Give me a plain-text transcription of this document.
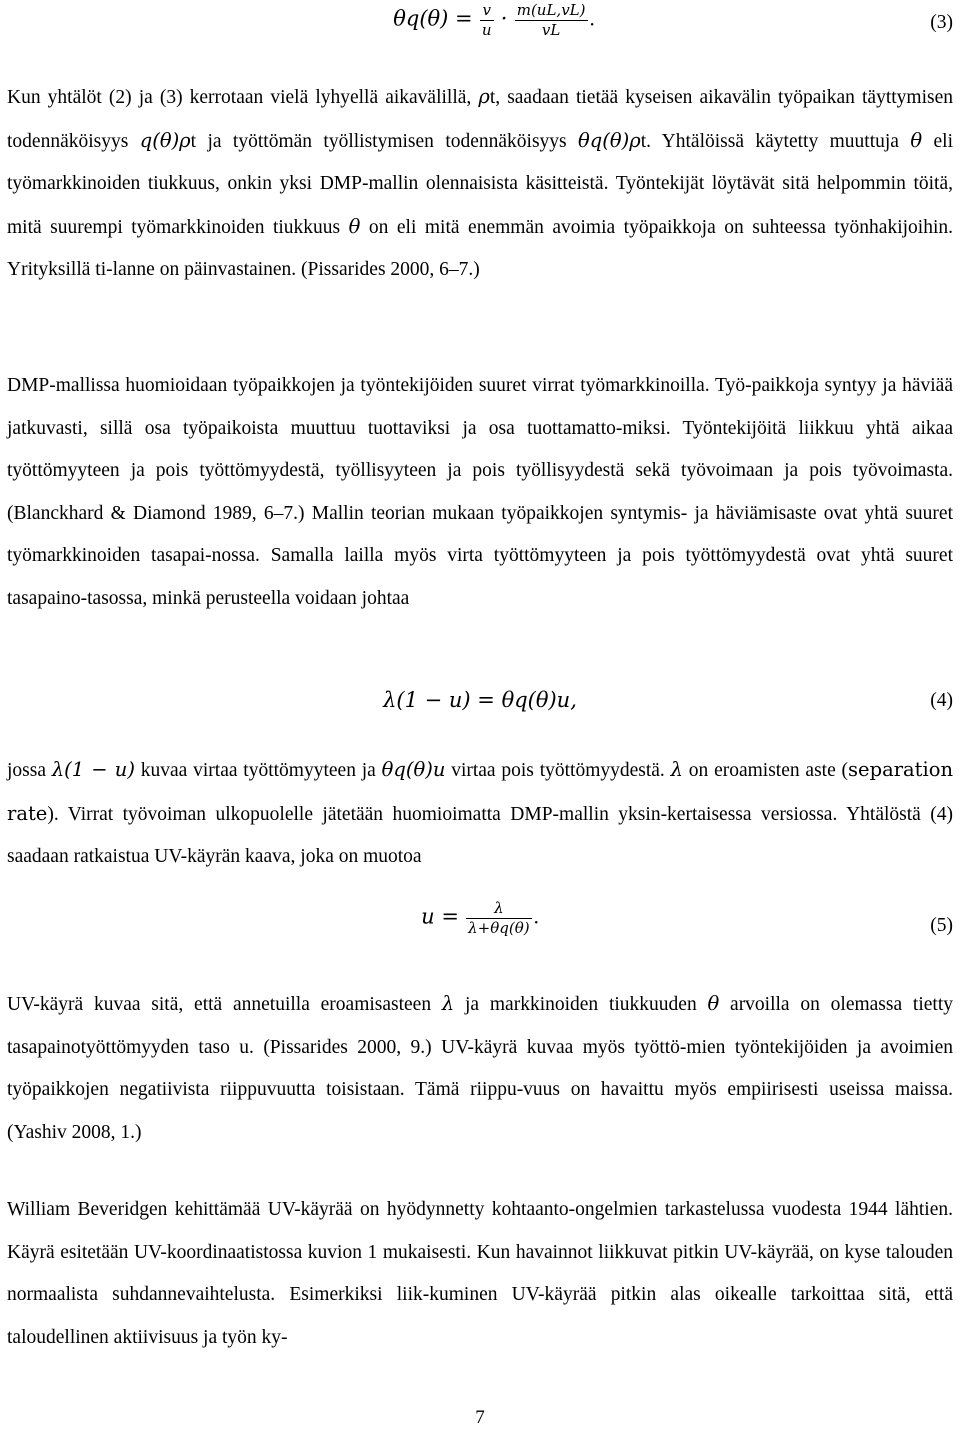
$\theta q(\theta) = \frac{v}{u} \cdot \frac{m(uL,vL)}{vL}$ .	(3)
Kun yhtälöt (2) ja (3) kerrotaan vielä lyhyellä aikavälillä, ρt, saadaan tietää kyseisen aikavälin työpaikan täyttymisen todennäköisyys q(θ)ρt ja työttömän työllistymisen todennäköisyys θq(θ)ρt. Yhtälöissä käytetty muuttuja θ eli työmarkkinoiden tiukkuus, onkin yksi DMP-mallin olennaisista käsitteistä. Työntekijät löytävät sitä helpommin töitä, mitä suurempi työmarkkinoiden tiukkuus θ on eli mitä enemmän avoimia työpaikkoja on suhteessa työnhakijoihin. Yrityksillä ti-lanne on päinvastainen. (Pissarides 2000, 6–7.)
DMP-mallissa huomioidaan työpaikkojen ja työntekijöiden suuret virrat työmarkkinoilla. Työ-paikkoja syntyy ja häviää jatkuvasti, sillä osa työpaikoista muuttuu tuottaviksi ja osa tuottamatto-miksi. Työntekijöitä liikkuu yhtä aikaa työttömyyteen ja pois työttömyydestä, työllisyyteen ja pois työllisyydestä sekä työvoimaan ja pois työvoimasta. (Blanckhard & Diamond 1989, 6–7.) Mallin teorian mukaan työpaikkojen syntymis- ja häviämisaste ovat yhtä suuret työmarkkinoiden tasapai-nossa. Samalla lailla myös virta työttömyyteen ja pois työttömyydestä ovat yhtä suuret tasapaino-tasossa, minkä perusteella voidaan johtaa
λ(1 − u) = θq(θ)u,	(4)
jossa λ(1 − u) kuvaa virtaa työttömyyteen ja θq(θ)u virtaa pois työttömyydestä. λ on eroamisten aste (separation rate). Virrat työvoiman ulkopuolelle jätetään huomioimatta DMP-mallin yksin-kertaisessa versiossa. Yhtälöstä (4) saadaan ratkaistua UV-käyrän kaava, joka on muotoa
$u = \frac{\lambda}{\lambda+\theta q(\theta)}$ .	(5)
UV-käyrä kuvaa sitä, että annetuilla eroamisasteen λ ja markkinoiden tiukkuuden θ arvoilla on olemassa tietty tasapainotyöttömyyden taso u. (Pissarides 2000, 9.) UV-käyrä kuvaa myös työttö-mien työntekijöiden ja avoimien työpaikkojen negatiivista riippuvuutta toisistaan. Tämä riippu-vuus on havaittu myös empiirisesti useissa maissa. (Yashiv 2008, 1.)
William Beveridgen kehittämää UV-käyrää on hyödynnetty kohtaanto-ongelmien tarkastelussa vuodesta 1944 lähtien. Käyrä esitetään UV-koordinaatistossa kuvion 1 mukaisesti. Kun havainnot liikkuvat pitkin UV-käyrää, on kyse talouden normaalista suhdannevaihtelusta. Esimerkiksi liik-kuminen UV-käyrää pitkin alas oikealle tarkoittaa sitä, että taloudellinen aktiivisuus ja työn ky-
7
